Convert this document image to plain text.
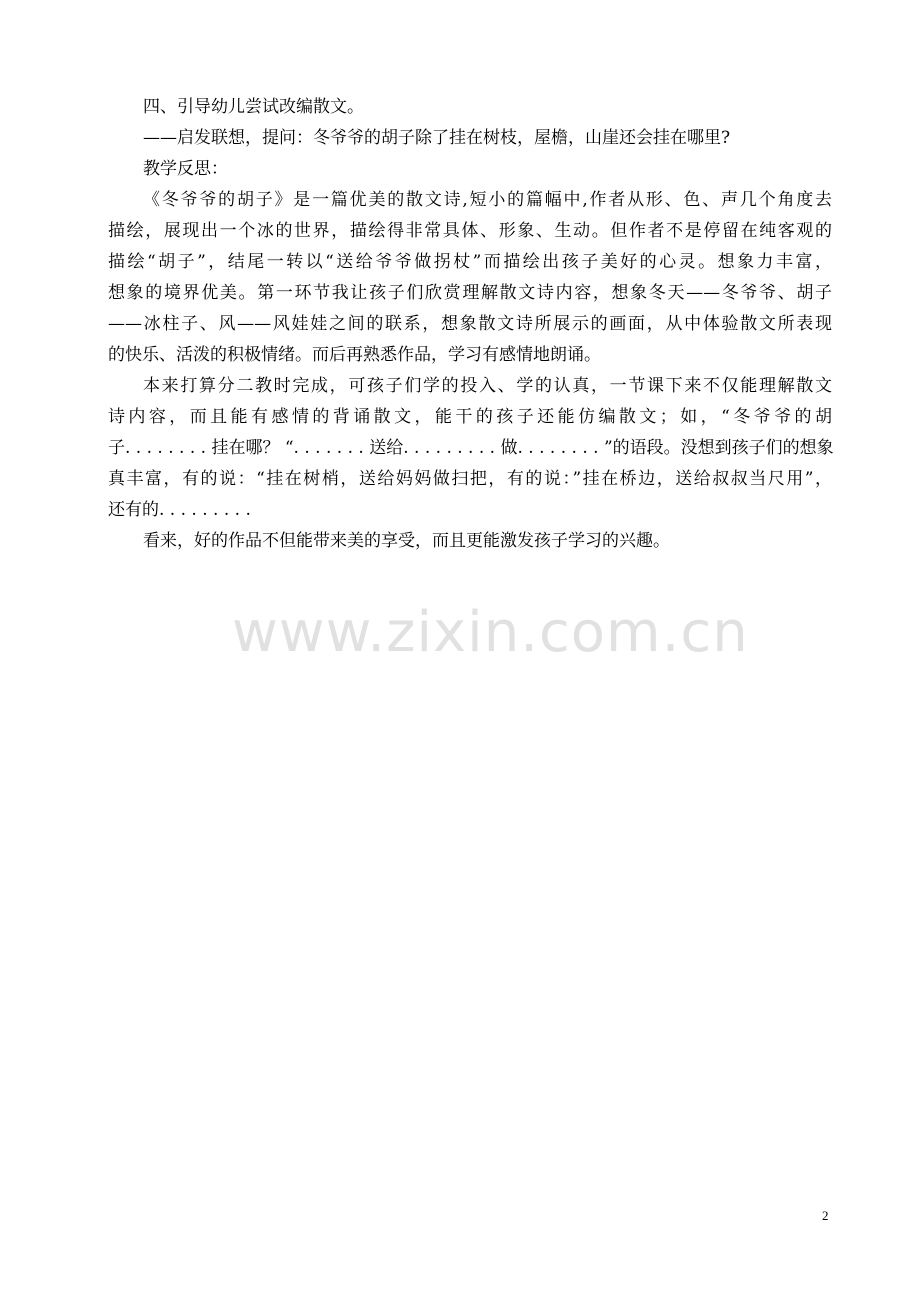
四、引导幼儿尝试改编散文。
——启发联想，提问：冬爷爷的胡子除了挂在树枝，屋檐，山崖还会挂在哪里?
教学反思：
《冬爷爷的胡子》是一篇优美的散文诗,短小的篇幅中,作者从形、色、声几个角度去
描绘，展现出一个冰的世界，描绘得非常具体、形象、生动。但作者不是停留在纯客观的
描绘“胡子”，结尾一转以“送给爷爷做拐杖”而描绘出孩子美好的心灵。想象力丰富，
想象的境界优美。第一环节我让孩子们欣赏理解散文诗内容，想象冬天——冬爷爷、胡子
——冰柱子、风——风娃娃之间的联系，想象散文诗所展示的画面，从中体验散文所表现
的快乐、活泼的积极情绪。而后再熟悉作品，学习有感情地朗诵。
本来打算分二教时完成，可孩子们学的投入、学的认真，一节课下来不仅能理解散文
诗内容，而且能有感情的背诵散文，能干的孩子还能仿编散文；如，“冬爷爷的胡
子. . . . . . . . 挂在哪？ “. . . . . . . 送给. . . . . . . . . 做. . . . . . . . ”的语段。没想到孩子们的想象
真丰富，有的说：“挂在树梢，送给妈妈做扫把，有的说：”挂在桥边，送给叔叔当尺用”，
还有的. . . . . . . . .
看来，好的作品不但能带来美的享受，而且更能激发孩子学习的兴趣。
www.zixin.com.cn
2
